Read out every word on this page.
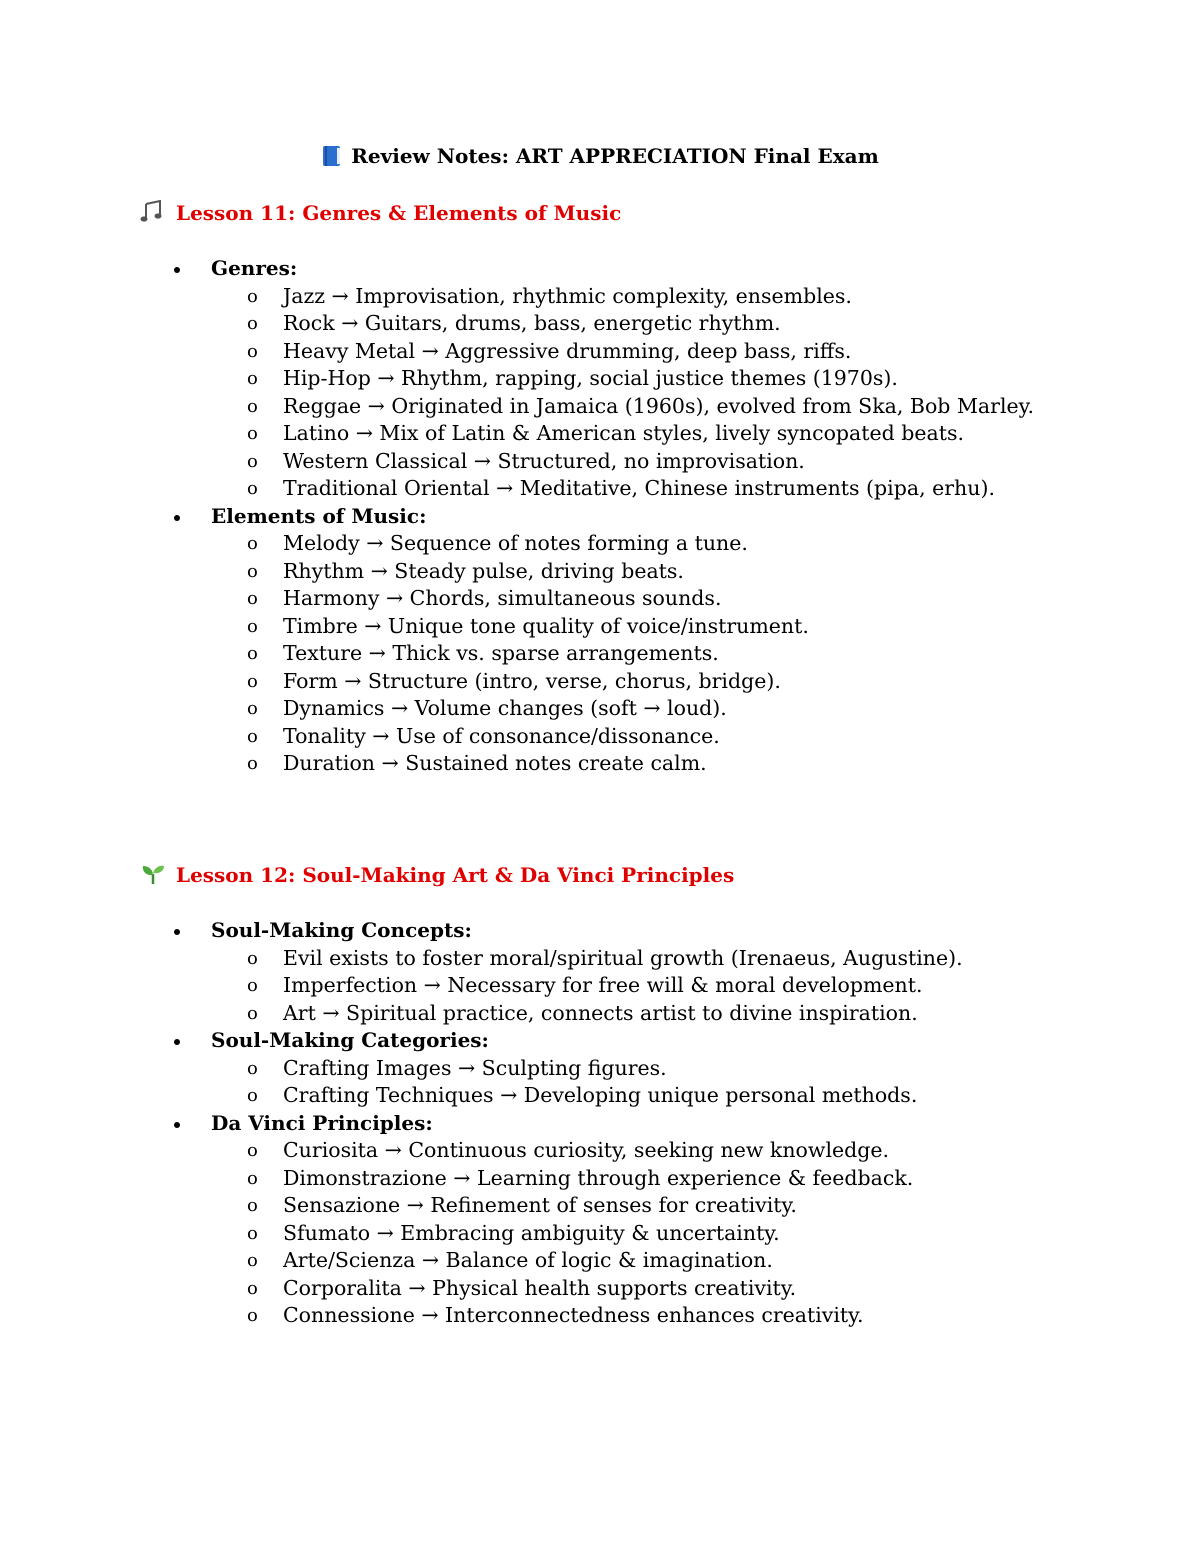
Review Notes: ART APPRECIATION Final Exam
Lesson 11: Genres & Elements of Music
Genres:
o Jazz → Improvisation, rhythmic complexity, ensembles.
o Rock → Guitars, drums, bass, energetic rhythm.
o Heavy Metal → Aggressive drumming, deep bass, riffs.
o Hip-Hop → Rhythm, rapping, social justice themes (1970s).
o Reggae → Originated in Jamaica (1960s), evolved from Ska, Bob Marley.
o Latino → Mix of Latin & American styles, lively syncopated beats.
o Western Classical → Structured, no improvisation.
o Traditional Oriental → Meditative, Chinese instruments (pipa, erhu).
Elements of Music:
o Melody → Sequence of notes forming a tune.
o Rhythm → Steady pulse, driving beats.
o Harmony → Chords, simultaneous sounds.
o Timbre → Unique tone quality of voice/instrument.
o Texture → Thick vs. sparse arrangements.
o Form → Structure (intro, verse, chorus, bridge).
o Dynamics → Volume changes (soft → loud).
o Tonality → Use of consonance/dissonance.
o Duration → Sustained notes create calm.
Lesson 12: Soul-Making Art & Da Vinci Principles
Soul-Making Concepts:
o Evil exists to foster moral/spiritual growth (Irenaeus, Augustine).
o Imperfection → Necessary for free will & moral development.
o Art → Spiritual practice, connects artist to divine inspiration.
Soul-Making Categories:
o Crafting Images → Sculpting figures.
o Crafting Techniques → Developing unique personal methods.
Da Vinci Principles:
o Curiosita → Continuous curiosity, seeking new knowledge.
o Dimonstrazione → Learning through experience & feedback.
o Sensazione → Refinement of senses for creativity.
o Sfumato → Embracing ambiguity & uncertainty.
o Arte/Scienza → Balance of logic & imagination.
o Corporalita → Physical health supports creativity.
o Connessione → Interconnectedness enhances creativity.
